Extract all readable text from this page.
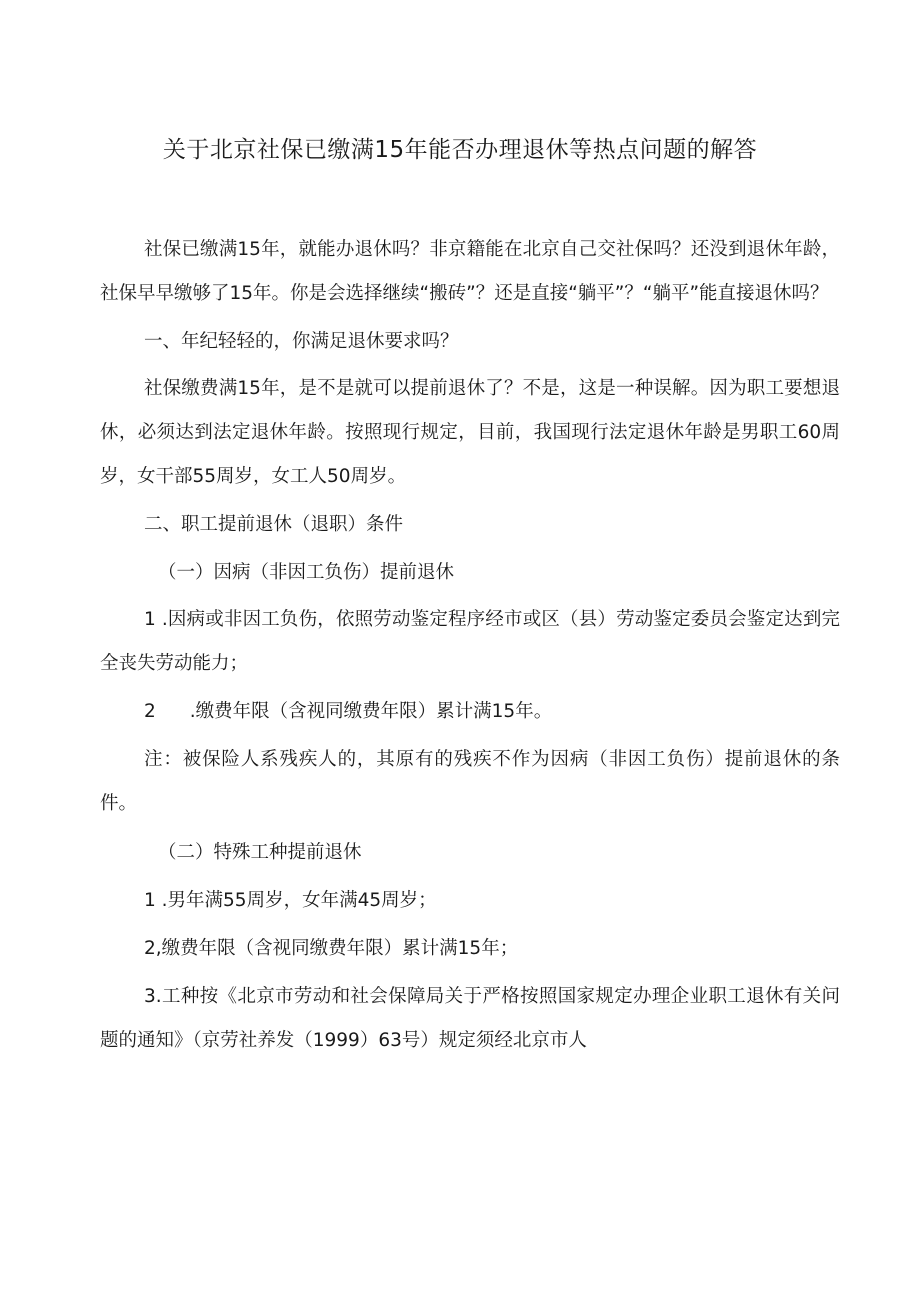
关于北京社保已缴满15年能否办理退休等热点问题的解答

社保已缴满15年，就能办退休吗？非京籍能在北京自己交社保吗？还没到退休年龄，社保早早缴够了15年。你是会选择继续“搬砖”？还是直接“躺平”？“躺平”能直接退休吗？

一、年纪轻轻的，你满足退休要求吗？

社保缴费满15年，是不是就可以提前退休了？不是，这是一种误解。因为职工要想退休，必须达到法定退休年龄。按照现行规定，目前，我国现行法定退休年龄是男职工60周岁，女干部55周岁，女工人50周岁。

二、职工提前退休（退职）条件

（一）因病（非因工负伤）提前退休

1 .因病或非因工负伤，依照劳动鉴定程序经市或区（县）劳动鉴定委员会鉴定达到完全丧失劳动能力；

2 .缴费年限（含视同缴费年限）累计满15年。

注：被保险人系残疾人的，其原有的残疾不作为因病（非因工负伤）提前退休的条件。

（二）特殊工种提前退休

1 .男年满55周岁，女年满45周岁；

2,缴费年限（含视同缴费年限）累计满15年；

3.工种按《北京市劳动和社会保障局关于严格按照国家规定办理企业职工退休有关问题的通知》（京劳社养发（1999）63号）规定须经北京市人
